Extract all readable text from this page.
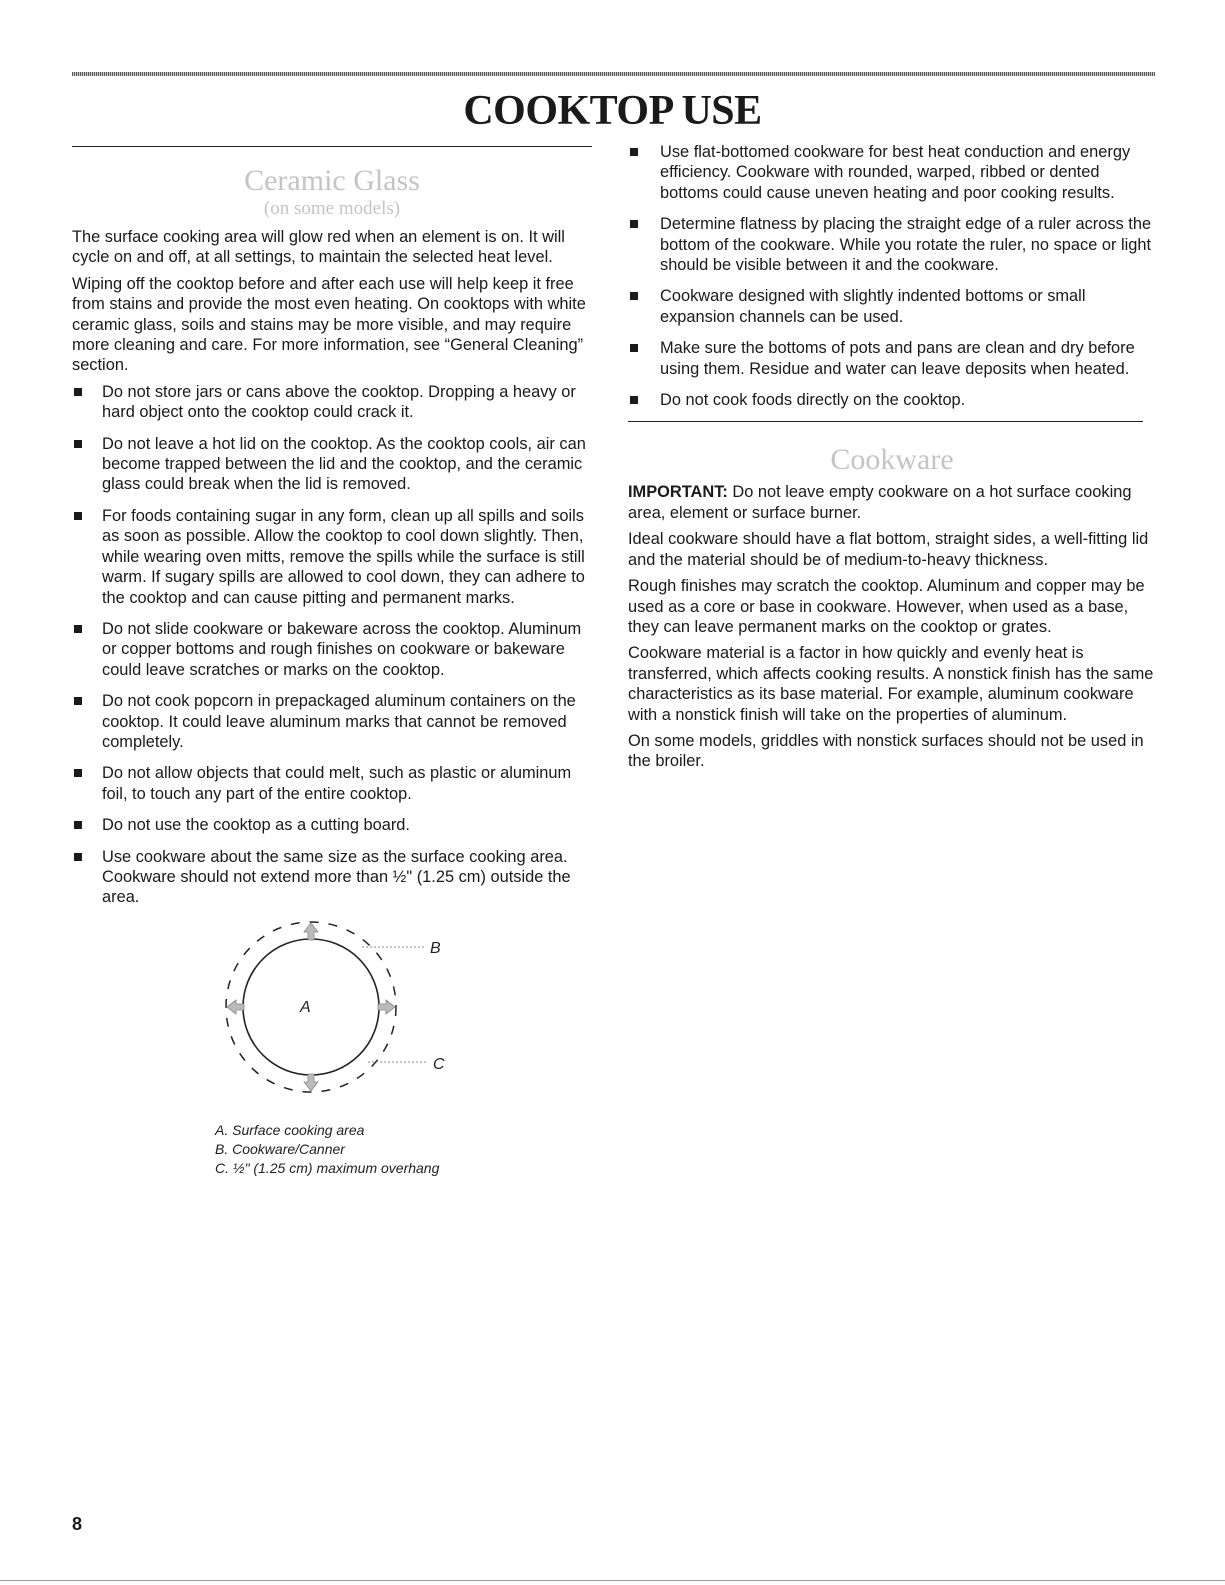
COOKTOP USE
Ceramic Glass
(on some models)

The surface cooking area will glow red when an element is on. It will cycle on and off, at all settings, to maintain the selected heat level.

Wiping off the cooktop before and after each use will help keep it free from stains and provide the most even heating. On cooktops with white ceramic glass, soils and stains may be more visible, and may require more cleaning and care. For more information, see “General Cleaning” section.

Do not store jars or cans above the cooktop. Dropping a heavy or hard object onto the cooktop could crack it.
Do not leave a hot lid on the cooktop. As the cooktop cools, air can become trapped between the lid and the cooktop, and the ceramic glass could break when the lid is removed.
For foods containing sugar in any form, clean up all spills and soils as soon as possible. Allow the cooktop to cool down slightly. Then, while wearing oven mitts, remove the spills while the surface is still warm. If sugary spills are allowed to cool down, they can adhere to the cooktop and can cause pitting and permanent marks.
Do not slide cookware or bakeware across the cooktop. Aluminum or copper bottoms and rough finishes on cookware or bakeware could leave scratches or marks on the cooktop.
Do not cook popcorn in prepackaged aluminum containers on the cooktop. It could leave aluminum marks that cannot be removed completely.
Do not allow objects that could melt, such as plastic or aluminum foil, to touch any part of the entire cooktop.
Do not use the cooktop as a cutting board.
Use cookware about the same size as the surface cooking area. Cookware should not extend more than ½" (1.25 cm) outside the area.
A
B
C
A. Surface cooking area
B. Cookware/Canner
C. ½" (1.25 cm) maximum overhang
Use flat-bottomed cookware for best heat conduction and energy efficiency. Cookware with rounded, warped, ribbed or dented bottoms could cause uneven heating and poor cooking results.
Determine flatness by placing the straight edge of a ruler across the bottom of the cookware. While you rotate the ruler, no space or light should be visible between it and the cookware.
Cookware designed with slightly indented bottoms or small expansion channels can be used.
Make sure the bottoms of pots and pans are clean and dry before using them. Residue and water can leave deposits when heated.
Do not cook foods directly on the cooktop.
Cookware

IMPORTANT: Do not leave empty cookware on a hot surface cooking area, element or surface burner.

Ideal cookware should have a flat bottom, straight sides, a well-fitting lid and the material should be of medium-to-heavy thickness.

Rough finishes may scratch the cooktop. Aluminum and copper may be used as a core or base in cookware. However, when used as a base, they can leave permanent marks on the cooktop or grates.

Cookware material is a factor in how quickly and evenly heat is transferred, which affects cooking results. A nonstick finish has the same characteristics as its base material. For example, aluminum cookware with a nonstick finish will take on the properties of aluminum.

On some models, griddles with nonstick surfaces should not be used in the broiler.

8
